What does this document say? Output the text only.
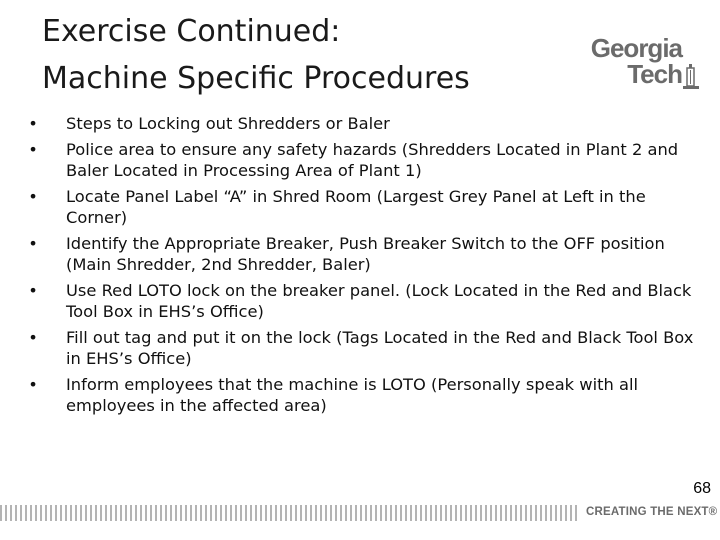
Exercise Continued:
Machine Specific Procedures
Georgia
Tech
• Steps to Locking out Shredders or Baler
• Police area to ensure any safety hazards (Shredders Located in Plant 2 and Baler Located in Processing Area of Plant 1)
• Locate Panel Label “A” in Shred Room (Largest Grey Panel at Left in the Corner)
• Identify the Appropriate Breaker, Push Breaker Switch to the OFF position (Main Shredder, 2nd Shredder, Baler)
• Use Red LOTO lock on the breaker panel. (Lock Located in the Red and Black Tool Box in EHS’s Office)
• Fill out tag and put it on the lock (Tags Located in the Red and Black Tool Box in EHS’s Office)
• Inform employees that the machine is LOTO (Personally speak with all employees in the affected area)
68
CREATING THE NEXT®
